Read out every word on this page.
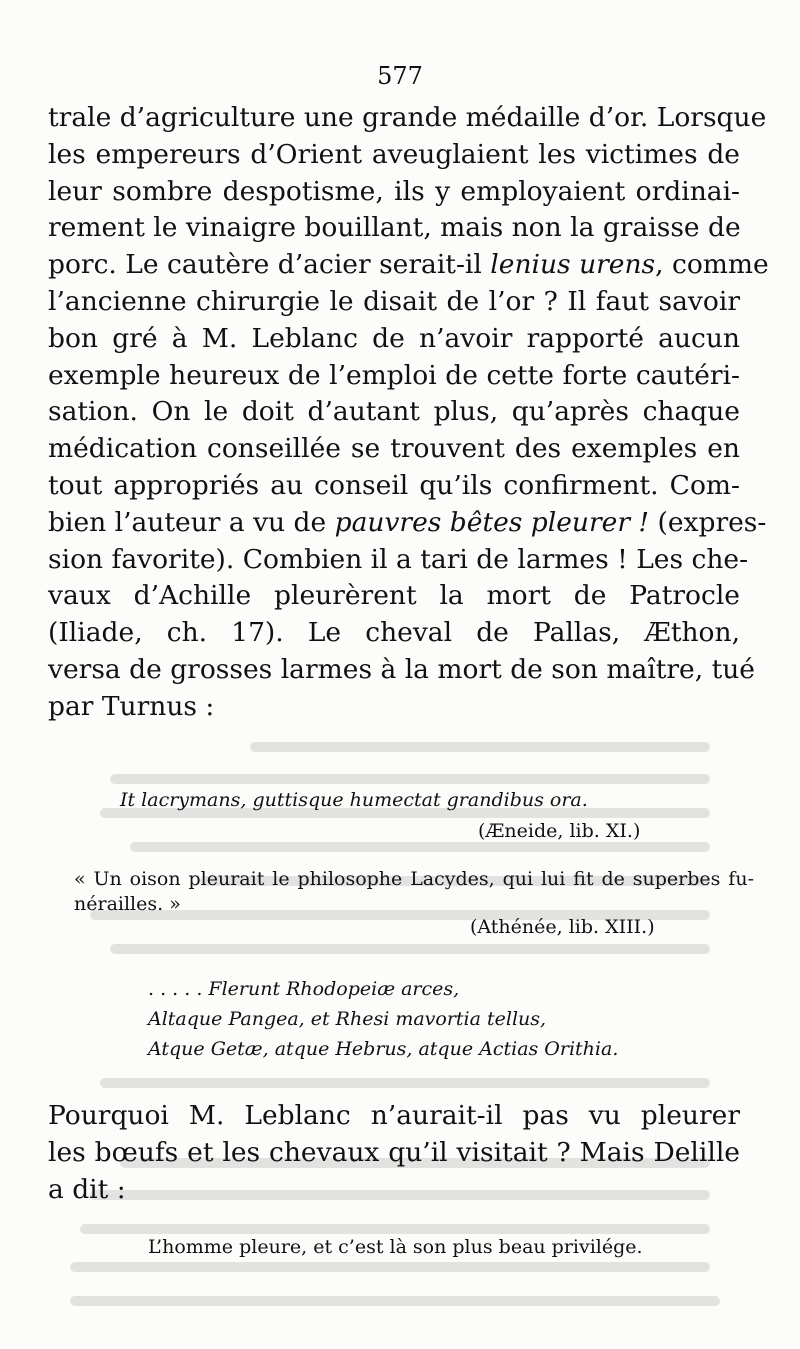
577
trale d’agriculture une grande médaille d’or. Lorsque
les empereurs d’Orient aveuglaient les victimes de
leur sombre despotisme, ils y employaient ordinai-
rement le vinaigre bouillant, mais non la graisse de
porc. Le cautère d’acier serait-il lenius urens, comme
l’ancienne chirurgie le disait de l’or ? Il faut savoir
bon gré à M. Leblanc de n’avoir rapporté aucun
exemple heureux de l’emploi de cette forte cautéri-
sation. On le doit d’autant plus, qu’après chaque
médication conseillée se trouvent des exemples en
tout appropriés au conseil qu’ils confirment. Com-
bien l’auteur a vu de pauvres bêtes pleurer ! (expres-
sion favorite). Combien il a tari de larmes ! Les che-
vaux d’Achille pleurèrent la mort de Patrocle
(Iliade, ch. 17). Le cheval de Pallas, Æthon,
versa de grosses larmes à la mort de son maître, tué
par Turnus :
It lacrymans, guttisque humectat grandibus ora.
(Æneide, lib. XI.)
« Un oison pleurait le philosophe Lacydes, qui lui fit de superbes fu-
nérailles. »
(Athénée, lib. XIII.)
. . . . . Flerunt Rhodopeiæ arces,
Altaque Pangea, et Rhesi mavortia tellus,
Atque Getæ, atque Hebrus, atque Actias Orithia.
Pourquoi M. Leblanc n’aurait-il pas vu pleurer
les bœufs et les chevaux qu’il visitait ? Mais Delille
a dit :
L’homme pleure, et c’est là son plus beau privilége.
